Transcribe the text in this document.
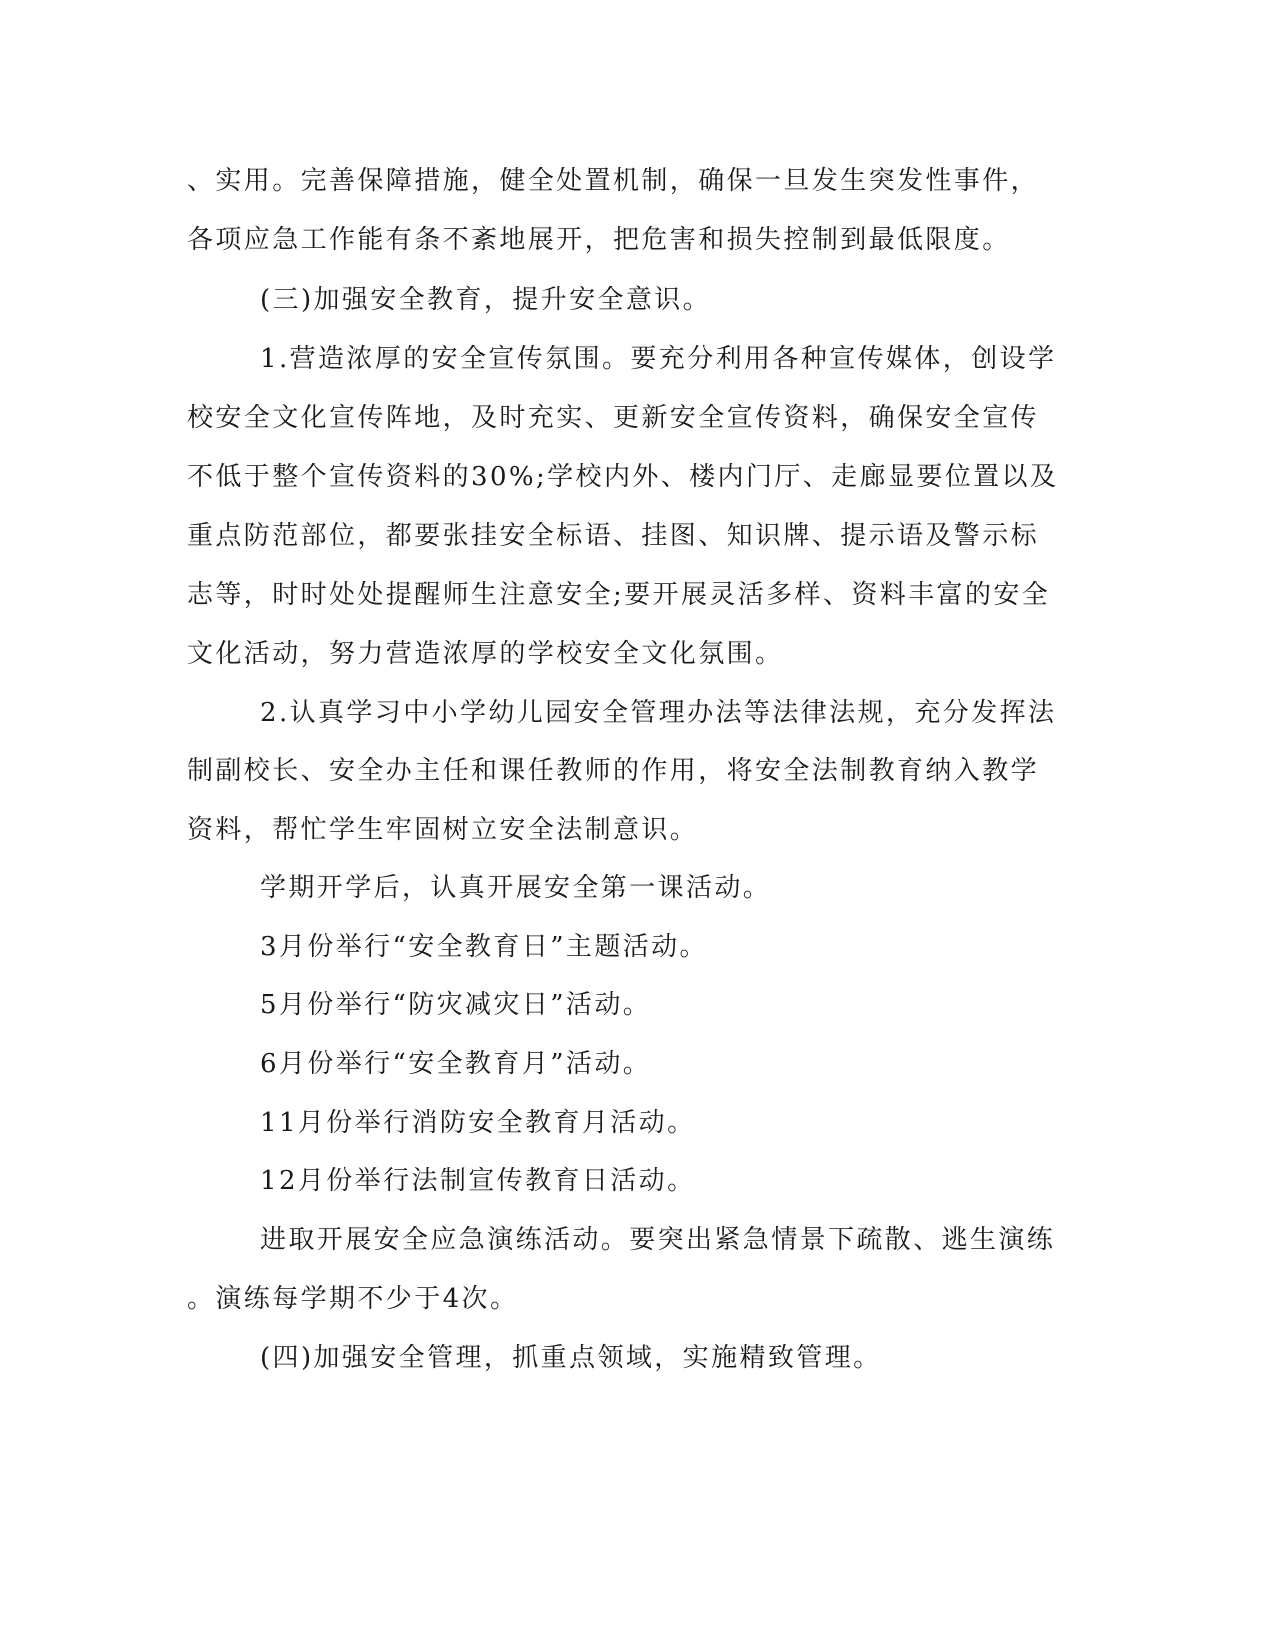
、实用。完善保障措施，健全处置机制，确保一旦发生突发性事件，
各项应急工作能有条不紊地展开，把危害和损失控制到最低限度。
(三)加强安全教育，提升安全意识。
1.营造浓厚的安全宣传氛围。要充分利用各种宣传媒体，创设学
校安全文化宣传阵地，及时充实、更新安全宣传资料，确保安全宣传
不低于整个宣传资料的30%;学校内外、楼内门厅、走廊显要位置以及
重点防范部位，都要张挂安全标语、挂图、知识牌、提示语及警示标
志等，时时处处提醒师生注意安全;要开展灵活多样、资料丰富的安全
文化活动，努力营造浓厚的学校安全文化氛围。
2.认真学习中小学幼儿园安全管理办法等法律法规，充分发挥法
制副校长、安全办主任和课任教师的作用，将安全法制教育纳入教学
资料，帮忙学生牢固树立安全法制意识。
学期开学后，认真开展安全第一课活动。
3月份举行“安全教育日”主题活动。
5月份举行“防灾减灾日”活动。
6月份举行“安全教育月”活动。
11月份举行消防安全教育月活动。
12月份举行法制宣传教育日活动。
进取开展安全应急演练活动。要突出紧急情景下疏散、逃生演练
。演练每学期不少于4次。
(四)加强安全管理，抓重点领域，实施精致管理。
